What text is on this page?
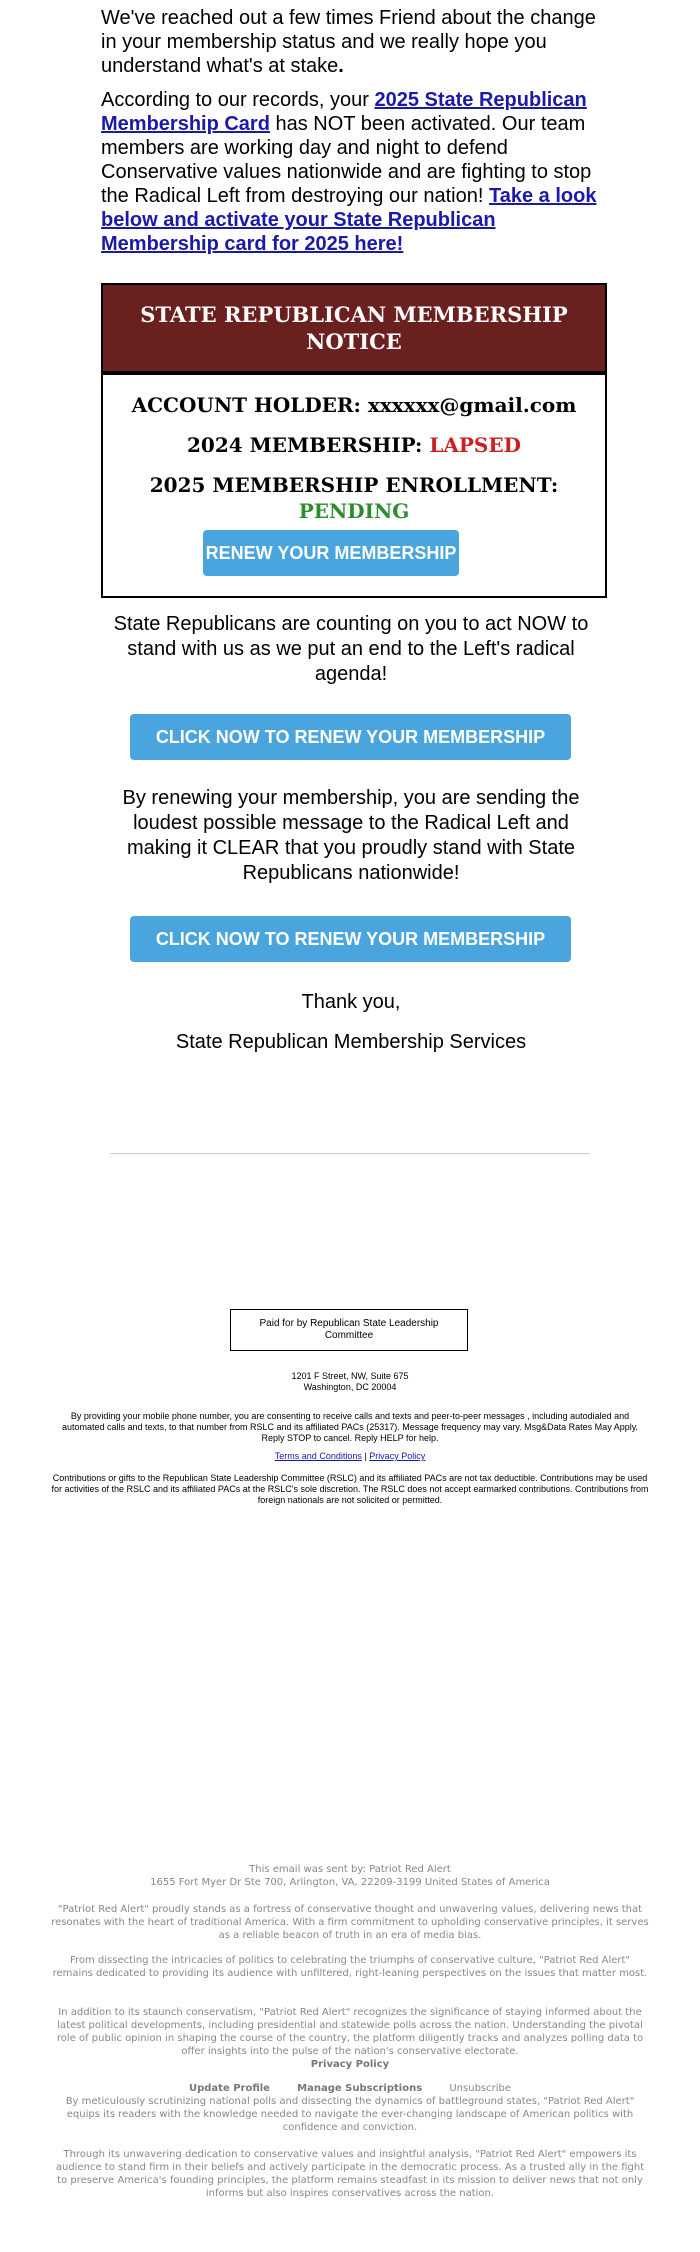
We've reached out a few times Friend about the change in your membership status and we really hope you understand what's at stake.

According to our records, your 2025 State Republican Membership Card has NOT been activated. Our team members are working day and night to defend Conservative values nationwide and are fighting to stop the Radical Left from destroying our nation! Take a look below and activate your State Republican Membership card for 2025 here!

STATE REPUBLICAN MEMBERSHIP NOTICE
ACCOUNT HOLDER: xxxxxx@gmail.com
2024 MEMBERSHIP: LAPSED
2025 MEMBERSHIP ENROLLMENT:
PENDING
RENEW YOUR MEMBERSHIP
State Republicans are counting on you to act NOW to stand with us as we put an end to the Left's radical agenda!
CLICK NOW TO RENEW YOUR MEMBERSHIP
By renewing your membership, you are sending the loudest possible message to the Radical Left and making it CLEAR that you proudly stand with State Republicans nationwide!
CLICK NOW TO RENEW YOUR MEMBERSHIP
Thank you,
State Republican Membership Services
Paid for by Republican State Leadership Committee
1201 F Street, NW, Suite 675
Washington, DC 20004
By providing your mobile phone number, you are consenting to receive calls and texts and peer-to-peer messages , including autodialed and automated calls and texts, to that number from RSLC and its affiliated PACs (25317). Message frequency may vary. Msg&Data Rates May Apply. Reply STOP to cancel. Reply HELP for help.
Terms and Conditions | Privacy Policy
Contributions or gifts to the Republican State Leadership Committee (RSLC) and its affiliated PACs are not tax deductible. Contributions may be used for activities of the RSLC and its affiliated PACs at the RSLC's sole discretion. The RSLC does not accept earmarked contributions. Contributions from foreign nationals are not solicited or permitted.
This email was sent by: Patriot Red Alert
1655 Fort Myer Dr Ste 700, Arlington, VA, 22209-3199 United States of America
"Patriot Red Alert" proudly stands as a fortress of conservative thought and unwavering values, delivering news that resonates with the heart of traditional America. With a firm commitment to upholding conservative principles, it serves as a reliable beacon of truth in an era of media bias.
From dissecting the intricacies of politics to celebrating the triumphs of conservative culture, "Patriot Red Alert" remains dedicated to providing its audience with unfiltered, right-leaning perspectives on the issues that matter most.
In addition to its staunch conservatism, "Patriot Red Alert" recognizes the significance of staying informed about the latest political developments, including presidential and statewide polls across the nation. Understanding the pivotal role of public opinion in shaping the course of the country, the platform diligently tracks and analyzes polling data to offer insights into the pulse of the nation's conservative electorate.
Privacy Policy
Update Profile	Manage Subscriptions	Unsubscribe
By meticulously scrutinizing national polls and dissecting the dynamics of battleground states, "Patriot Red Alert" equips its readers with the knowledge needed to navigate the ever-changing landscape of American politics with confidence and conviction.
Through its unwavering dedication to conservative values and insightful analysis, "Patriot Red Alert" empowers its audience to stand firm in their beliefs and actively participate in the democratic process. As a trusted ally in the fight to preserve America's founding principles, the platform remains steadfast in its mission to deliver news that not only informs but also inspires conservatives across the nation.
